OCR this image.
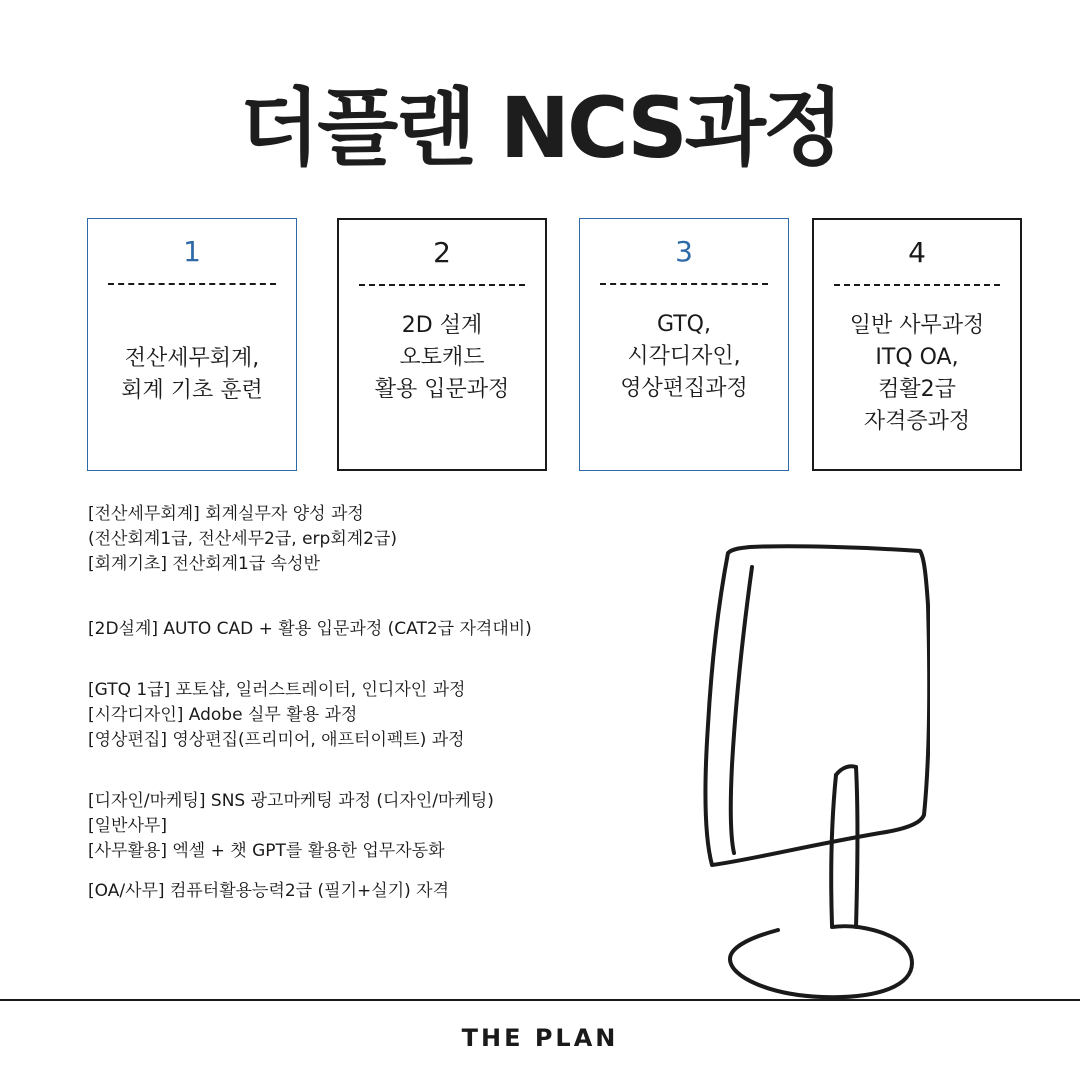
더플랜 NCS과정
1
전산세무회계,
회계 기초 훈련
2
2D 설계
오토캐드
활용 입문과정
3
GTQ,
시각디자인,
영상편집과정
4
일반 사무과정
ITQ OA,
컴활2급
자격증과정
[전산세무회계] 회계실무자 양성 과정
(전산회계1급, 전산세무2급, erp회계2급)
[회계기초] 전산회계1급 속성반
[2D설계] AUTO CAD + 활용 입문과정 (CAT2급 자격대비)
[GTQ 1급] 포토샵, 일러스트레이터, 인디자인 과정
[시각디자인] Adobe 실무 활용 과정
[영상편집] 영상편집(프리미어, 애프터이펙트) 과정
[디자인/마케팅] SNS 광고마케팅 과정 (디자인/마케팅)
[일반사무]
[사무활용] 엑셀 + 챗 GPT를 활용한 업무자동화
[OA/사무] 컴퓨터활용능력2급 (필기+실기) 자격
THE PLAN
